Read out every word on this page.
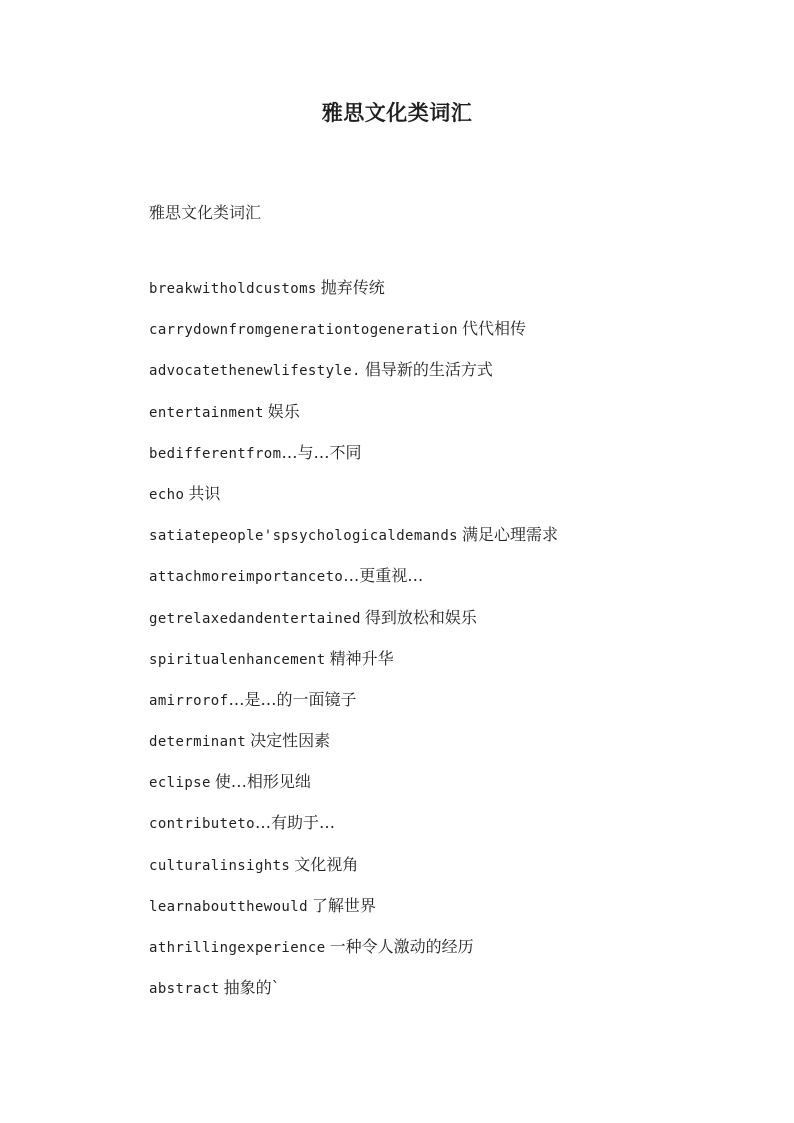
雅思文化类词汇
雅思文化类词汇
breakwitholdcustoms 抛弃传统
carrydownfromgenerationtogeneration 代代相传
advocatethenewlifestyle. 倡导新的生活方式
entertainment 娱乐
bedifferentfrom…与…不同
echo 共识
satiatepeople'spsychologicaldemands 满足心理需求
attachmoreimportanceto…更重视…
getrelaxedandentertained 得到放松和娱乐
spiritualenhancement 精神升华
amirrorof…是…的一面镜子
determinant 决定性因素
eclipse 使…相形见绌
contributeto…有助于…
culturalinsights 文化视角
learnaboutthewould 了解世界
athrillingexperience 一种令人激动的经历
abstract 抽象的`
